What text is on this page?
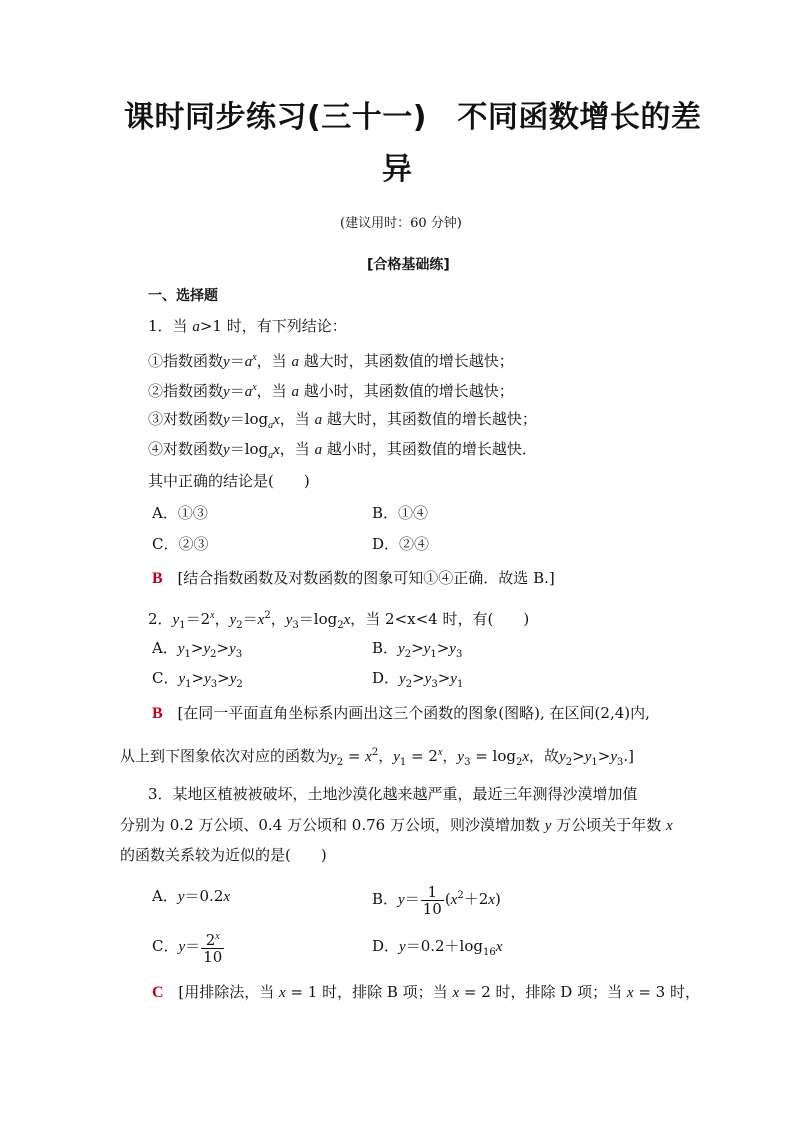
课时同步练习(三十一)　不同函数增长的差
异
(建议用时：60 分钟)
[合格基础练]
一、选择题
1．当 a>1 时，有下列结论：
①指数函数$y=a^x$，当 a 越大时，其函数值的增长越快；
②指数函数$y=a^x$，当 a 越小时，其函数值的增长越快；
③对数函数$y=\log_ax$，当 a 越大时，其函数值的增长越快；
④对数函数$y=\log_ax$，当 a 越小时，其函数值的增长越快．
其中正确的结论是(　　)
A．①③	B．①④
C．②③	D．②④
B [结合指数函数及对数函数的图象可知①④正确．故选 B.]
2．$y_1=2^x$，$y_2=x^2$，$y_3=\log_2x$，当 2<x<4 时，有(　　)
A．$y_1>y_2>y_3$	B．$y_2>y_1>y_3$
C．$y_1>y_3>y_2$	D．$y_2>y_3>y_1$
B [在同一平面直角坐标系内画出这三个函数的图象(图略), 在区间(2,4)内,
从上到下图象依次对应的函数为$y_2 = x^2$，$y_1 = 2^x$，$y_3 = \log_2x$，故$y_2>y_1>y_3$.]
3．某地区植被被破坏，土地沙漠化越来越严重，最近三年测得沙漠增加值
分别为 0.2 万公顷、0.4 万公顷和 0.76 万公顷，则沙漠增加数 y 万公顷关于年数 x
的函数关系较为近似的是(　　)
A．y＝0.2x	B．$y= \frac{1}{10} (x^2+2x)$
C．$y= \frac{2^x}{10}$	D．$y=0.2+\log_{16}x$
C [用排除法，当 x = 1 时，排除 B 项；当 x = 2 时，排除 D 项；当 x = 3 时，
